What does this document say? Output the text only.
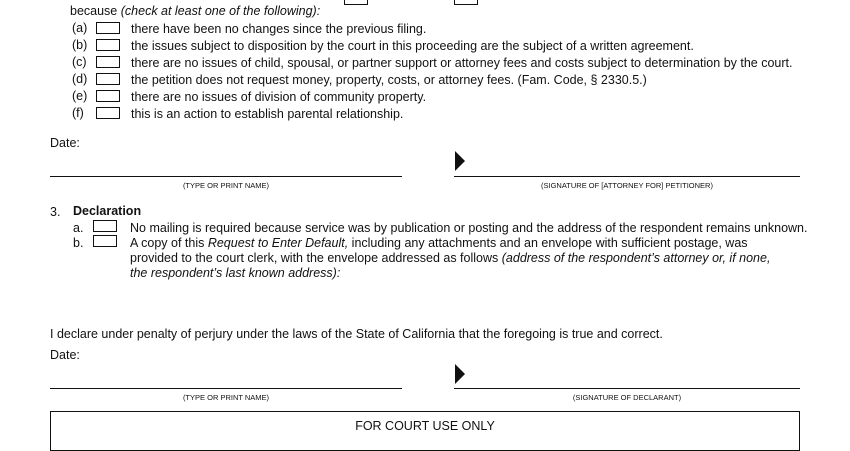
because (check at least one of the following):
(a)	there have been no changes since the previous filing.
(b)	the issues subject to disposition by the court in this proceeding are the subject of a written agreement.
(c)	there are no issues of child, spousal, or partner support or attorney fees and costs subject to determination by the court.
(d)	the petition does not request money, property, costs, or attorney fees. (Fam. Code, § 2330.5.)
(e)	there are no issues of division of community property.
(f)	this is an action to establish parental relationship.
Date:
(TYPE OR PRINT NAME)	(SIGNATURE OF [ATTORNEY FOR] PETITIONER)
3. Declaration
a.	No mailing is required because service was by publication or posting and the address of the respondent remains unknown.
b.	A copy of this Request to Enter Default, including any attachments and an envelope with sufficient postage, was
provided to the court clerk, with the envelope addressed as follows (address of the respondent’s attorney or, if none,
the respondent’s last known address):
I declare under penalty of perjury under the laws of the State of California that the foregoing is true and correct.
Date:
(TYPE OR PRINT NAME)	(SIGNATURE OF DECLARANT)
FOR COURT USE ONLY
